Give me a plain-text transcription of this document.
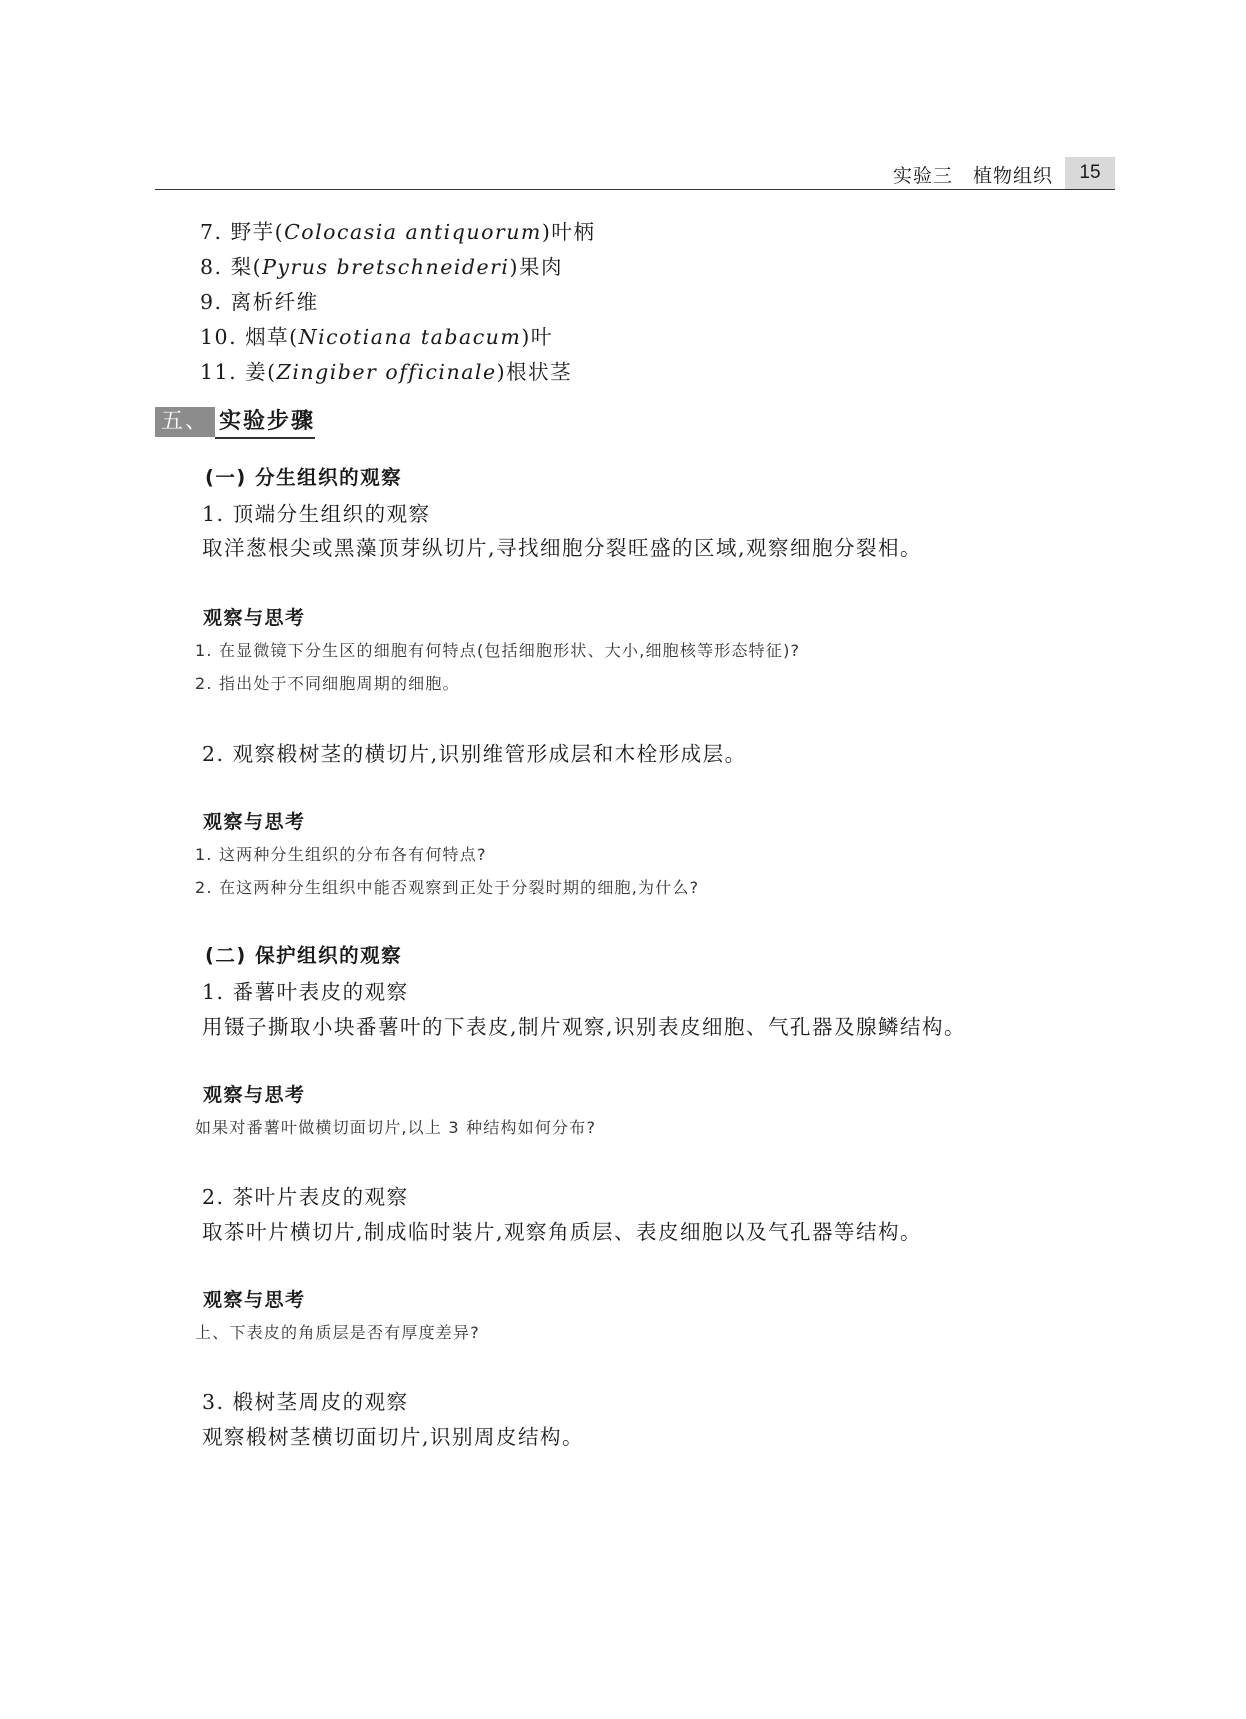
实验三　植物组织	15
7. 野芋(Colocasia antiquorum)叶柄
8. 梨(Pyrus bretschneideri)果肉
9. 离析纤维
10. 烟草(Nicotiana tabacum)叶
11. 姜(Zingiber officinale)根状茎
五、 实验步骤
(一) 分生组织的观察
1. 顶端分生组织的观察
取洋葱根尖或黑藻顶芽纵切片,寻找细胞分裂旺盛的区域,观察细胞分裂相。
观察与思考
1. 在显微镜下分生区的细胞有何特点(包括细胞形状、大小,细胞核等形态特征)?
2. 指出处于不同细胞周期的细胞。
2. 观察椴树茎的横切片,识别维管形成层和木栓形成层。
观察与思考
1. 这两种分生组织的分布各有何特点?
2. 在这两种分生组织中能否观察到正处于分裂时期的细胞,为什么?
(二) 保护组织的观察
1. 番薯叶表皮的观察
用镊子撕取小块番薯叶的下表皮,制片观察,识别表皮细胞、气孔器及腺鳞结构。
观察与思考
如果对番薯叶做横切面切片,以上 3 种结构如何分布?
2. 茶叶片表皮的观察
取茶叶片横切片,制成临时装片,观察角质层、表皮细胞以及气孔器等结构。
观察与思考
上、下表皮的角质层是否有厚度差异?
3. 椴树茎周皮的观察
观察椴树茎横切面切片,识别周皮结构。
